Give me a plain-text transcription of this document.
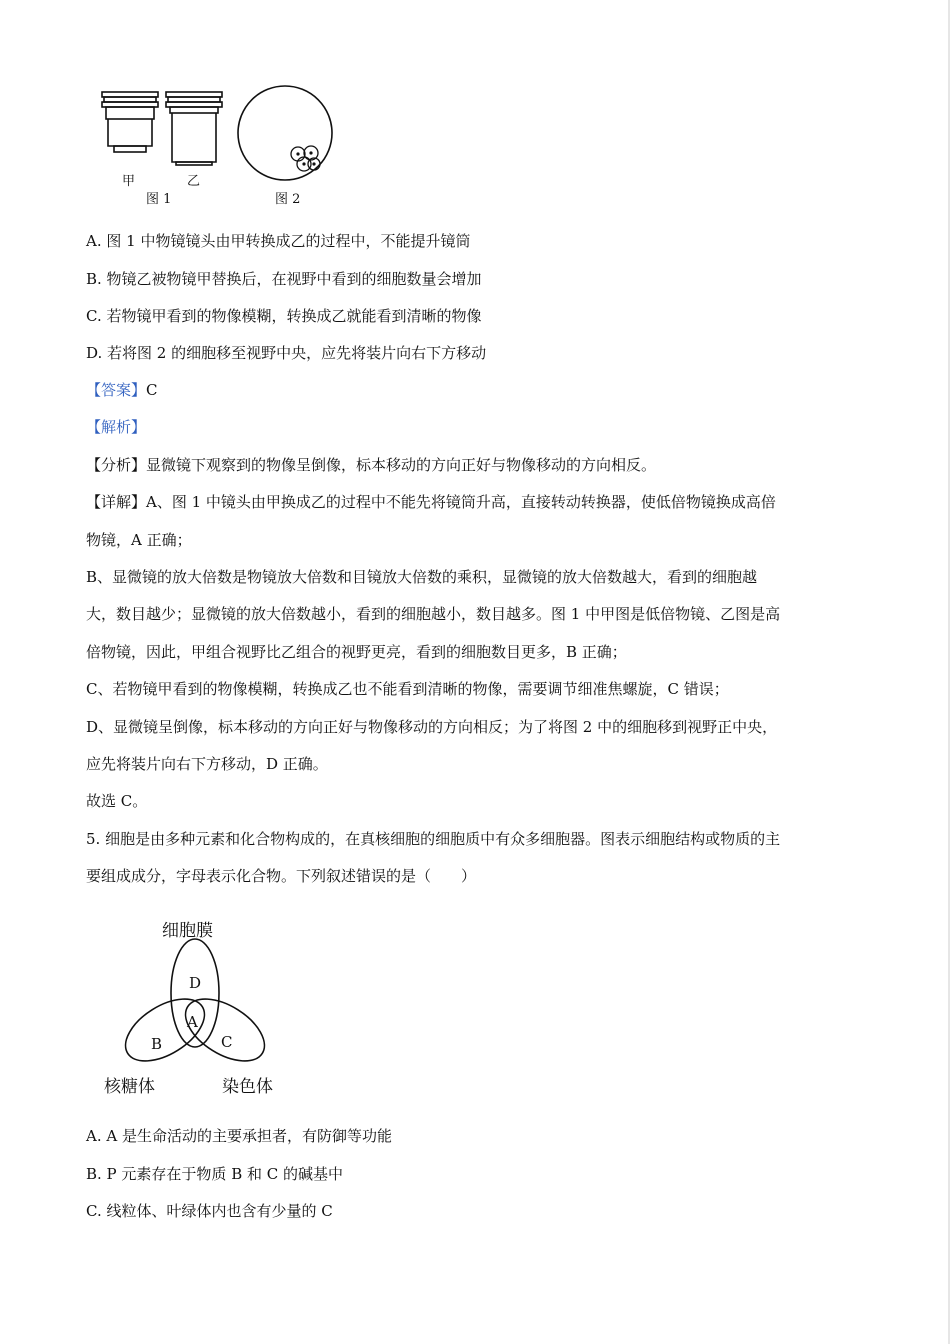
甲	乙
图 1	图 2
A. 图 1 中物镜镜头由甲转换成乙的过程中，不能提升镜筒
B. 物镜乙被物镜甲替换后，在视野中看到的细胞数量会增加
C. 若物镜甲看到的物像模糊，转换成乙就能看到清晰的物像
D. 若将图 2 的细胞移至视野中央，应先将装片向右下方移动
【答案】C
【解析】
【分析】显微镜下观察到的物像呈倒像，标本移动的方向正好与物像移动的方向相反。
【详解】A、图 1 中镜头由甲换成乙的过程中不能先将镜筒升高，直接转动转换器，使低倍物镜换成高倍
物镜，A 正确；
B、显微镜的放大倍数是物镜放大倍数和目镜放大倍数的乘积，显微镜的放大倍数越大，看到的细胞越
大，数目越少；显微镜的放大倍数越小，看到的细胞越小，数目越多。图 1 中甲图是低倍物镜、乙图是高
倍物镜，因此，甲组合视野比乙组合的视野更亮，看到的细胞数目更多，B 正确；
C、若物镜甲看到的物像模糊，转换成乙也不能看到清晰的物像，需要调节细准焦螺旋，C 错误；
D、显微镜呈倒像，标本移动的方向正好与物像移动的方向相反；为了将图 2 中的细胞移到视野正中央，
应先将装片向右下方移动，D 正确。
故选 C。
5. 细胞是由多种元素和化合物构成的，在真核细胞的细胞质中有众多细胞器。图表示细胞结构或物质的主
要组成成分，字母表示化合物。下列叙述错误的是（　　）
细胞膜
核糖体	染色体
D
A
B	C
A. A 是生命活动的主要承担者，有防御等功能
B. P 元素存在于物质 B 和 C 的碱基中
C. 线粒体、叶绿体内也含有少量的 C
